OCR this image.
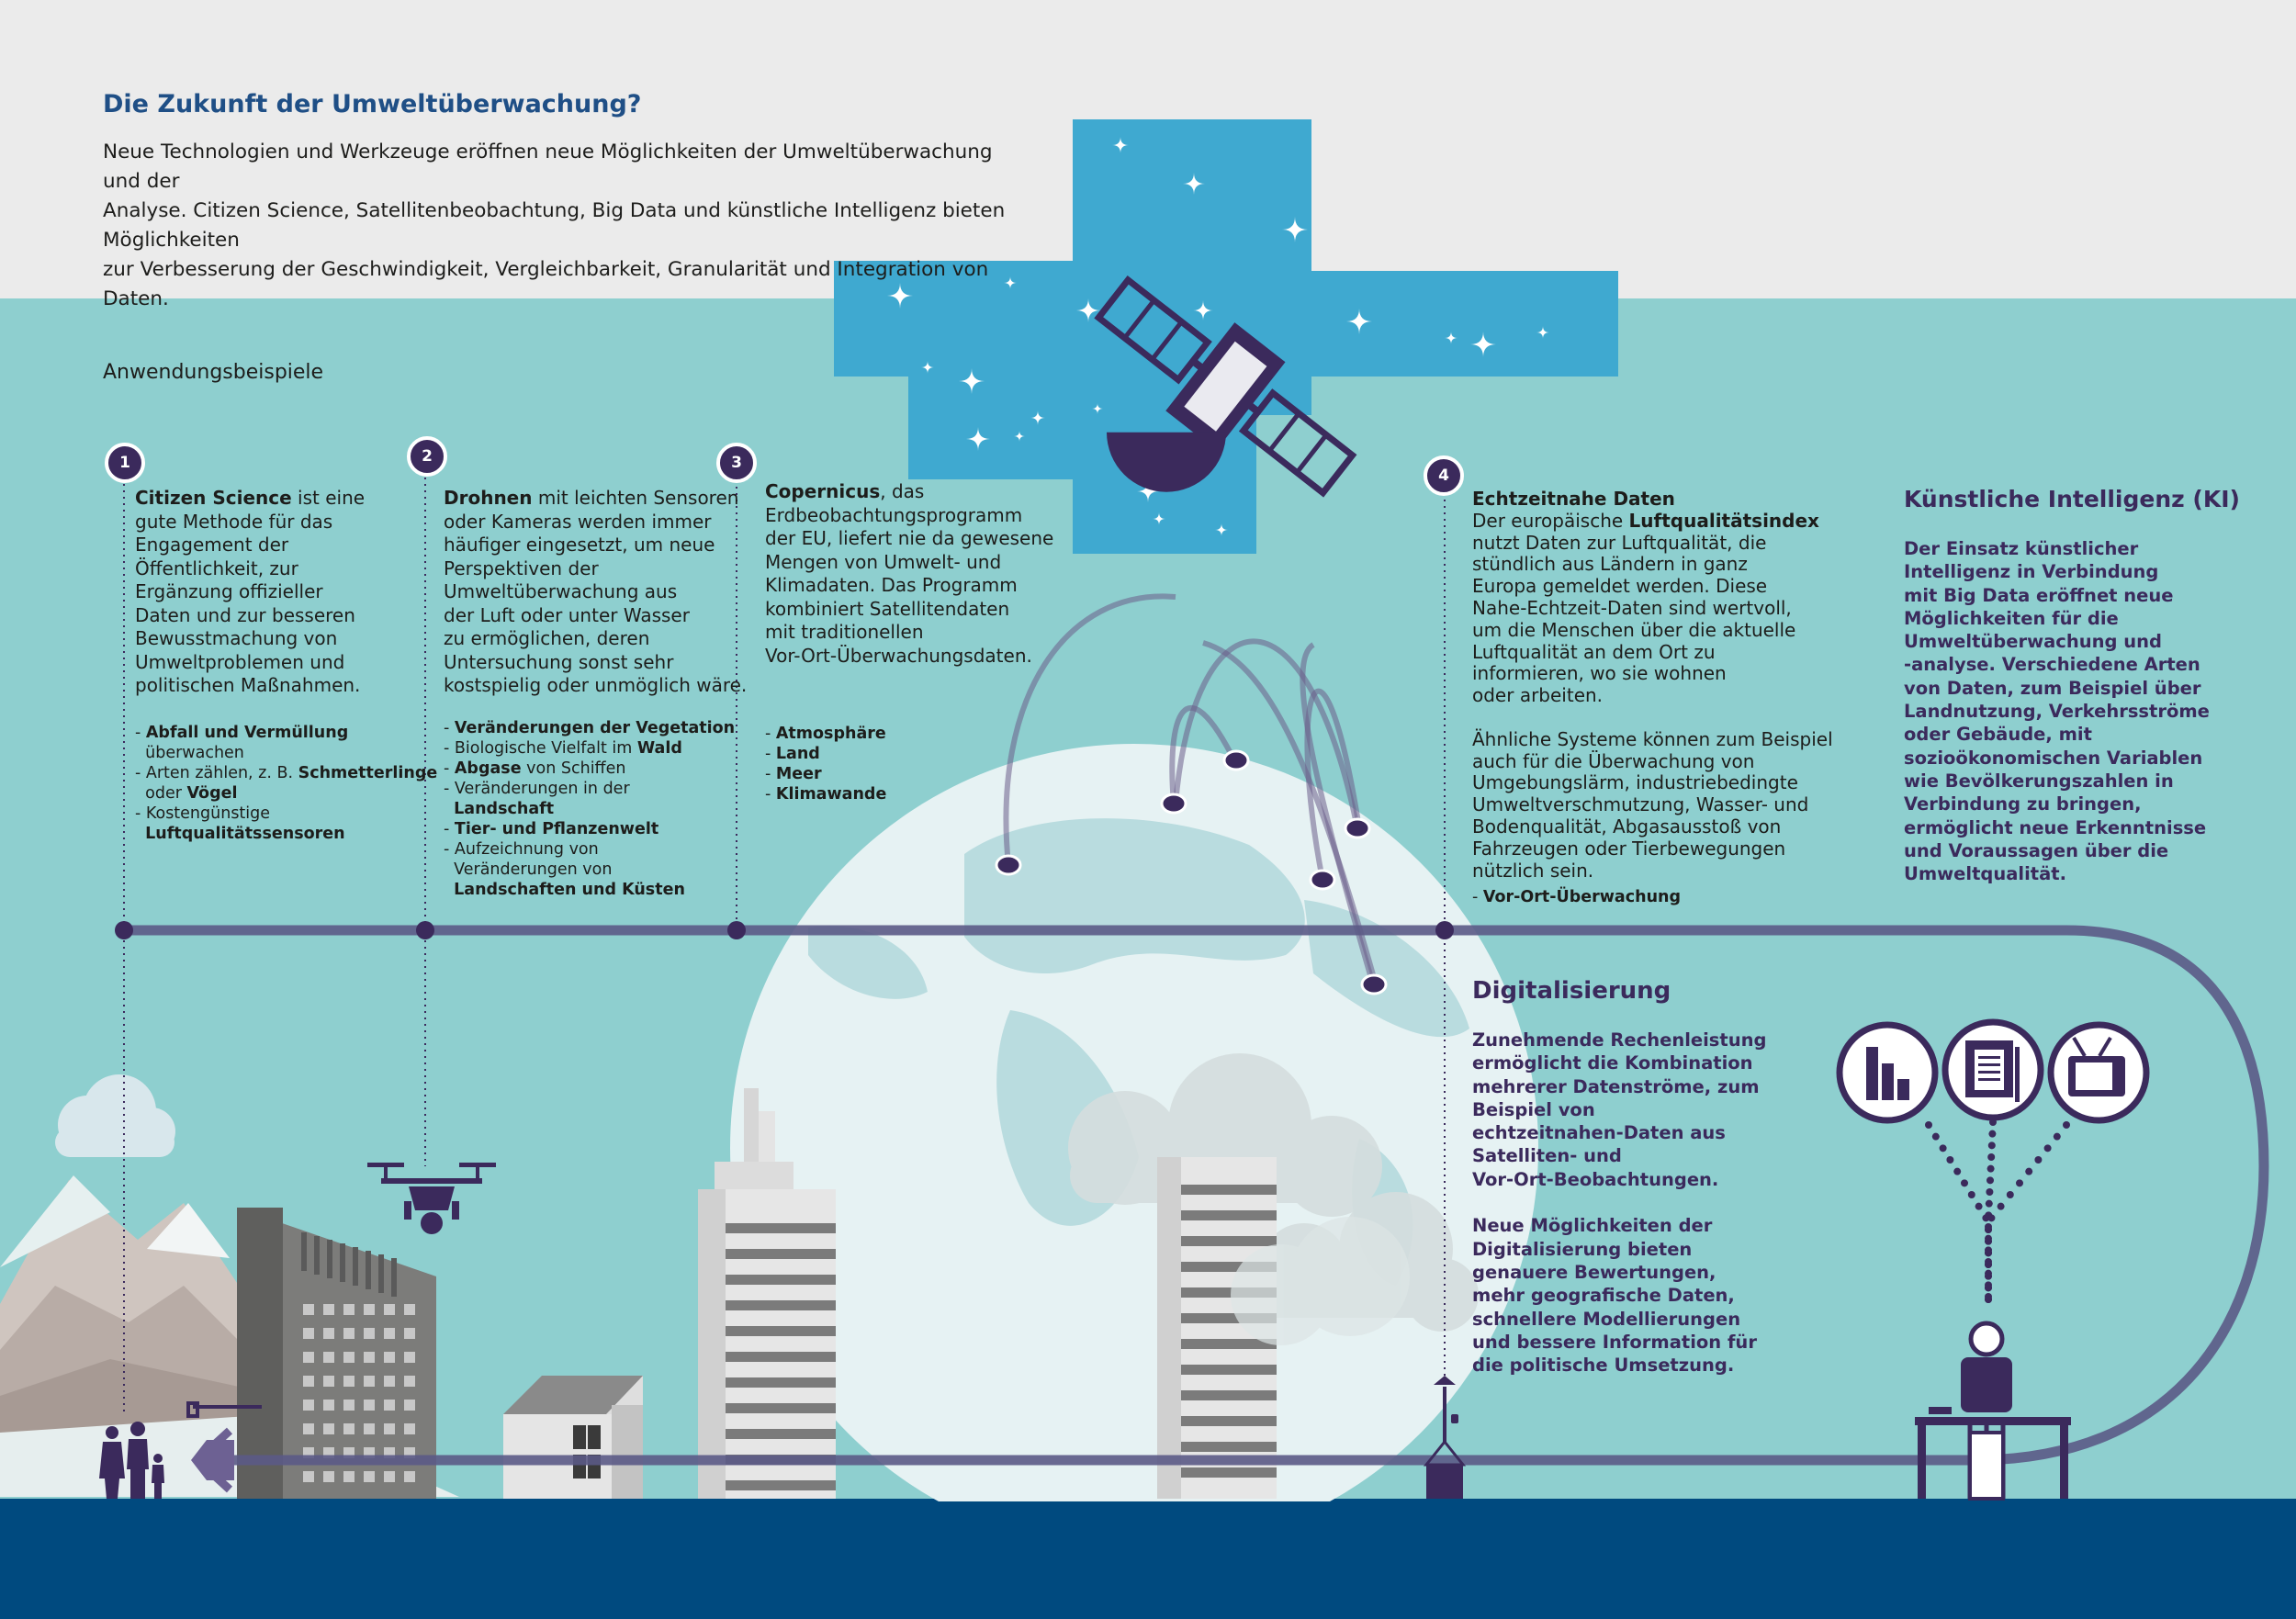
Die Zukunft der Umweltüberwachung?
Neue Technologien und Werkzeuge eröffnen neue Möglichkeiten der Umweltüberwachung und der
Analyse. Citizen Science, Satellitenbeobachtung, Big Data und künstliche Intelligenz bieten Möglichkeiten
zur Verbesserung der Geschwindigkeit, Vergleichbarkeit, Granularität und Integration von Daten.
Anwendungsbeispiele
1	2	3
4
Citizen Science ist eine
gute Methode für das
Engagement der
Öffentlichkeit, zur
Ergänzung offizieller
Daten und zur besseren
Bewusstmachung von
Umweltproblemen und
politischen Maßnahmen.
- Abfall und Vermüllung
überwachen
- Arten zählen, z. B. Schmetterlinge
oder Vögel
- Kostengünstige
Luftqualitätssensoren
Drohnen mit leichten Sensoren
oder Kameras werden immer
häufiger eingesetzt, um neue
Perspektiven der
Umweltüberwachung aus
der Luft oder unter Wasser
zu ermöglichen, deren
Untersuchung sonst sehr
kostspielig oder unmöglich wäre.
- Veränderungen der Vegetation
- Biologische Vielfalt im Wald
- Abgase von Schiffen
- Veränderungen in der
Landschaft
- Tier- und Pflanzenwelt
- Aufzeichnung von
Veränderungen von
Landschaften und Küsten
Copernicus, das
Erdbeobachtungsprogramm
der EU, liefert nie da gewesene
Mengen von Umwelt- und
Klimadaten. Das Programm
kombiniert Satellitendaten
mit traditionellen
Vor-Ort-Überwachungsdaten.
- Atmosphäre
- Land
- Meer
- Klimawande
Echtzeitnahe Daten
Der europäische Luftqualitätsindex
nutzt Daten zur Luftqualität, die
stündlich aus Ländern in ganz
Europa gemeldet werden. Diese
Nahe-Echtzeit-Daten sind wertvoll,
um die Menschen über die aktuelle
Luftqualität an dem Ort zu
informieren, wo sie wohnen
oder arbeiten.

Ähnliche Systeme können zum Beispiel
auch für die Überwachung von
Umgebungslärm, industriebedingte
Umweltverschmutzung, Wasser- und
Bodenqualität, Abgasausstoß von
Fahrzeugen oder Tierbewegungen
nützlich sein.
- Vor-Ort-Überwachung
Digitalisierung
Zunehmende Rechenleistung
ermöglicht die Kombination
mehrerer Datenströme, zum
Beispiel von
echtzeitnahen-Daten aus
Satelliten- und
Vor-Ort-Beobachtungen.

Neue Möglichkeiten der
Digitalisierung bieten
genauere Bewertungen,
mehr geografische Daten,
schnellere Modellierungen
und bessere Information für
die politische Umsetzung.
Künstliche Intelligenz (KI)
Der Einsatz künstlicher
Intelligenz in Verbindung
mit Big Data eröffnet neue
Möglichkeiten für die
Umweltüberwachung und
-analyse. Verschiedene Arten
von Daten, zum Beispiel über
Landnutzung, Verkehrsströme
oder Gebäude, mit
sozioökonomischen Variablen
wie Bevölkerungszahlen in
Verbindung zu bringen,
ermöglicht neue Erkenntnisse
und Voraussagen über die
Umweltqualität.
